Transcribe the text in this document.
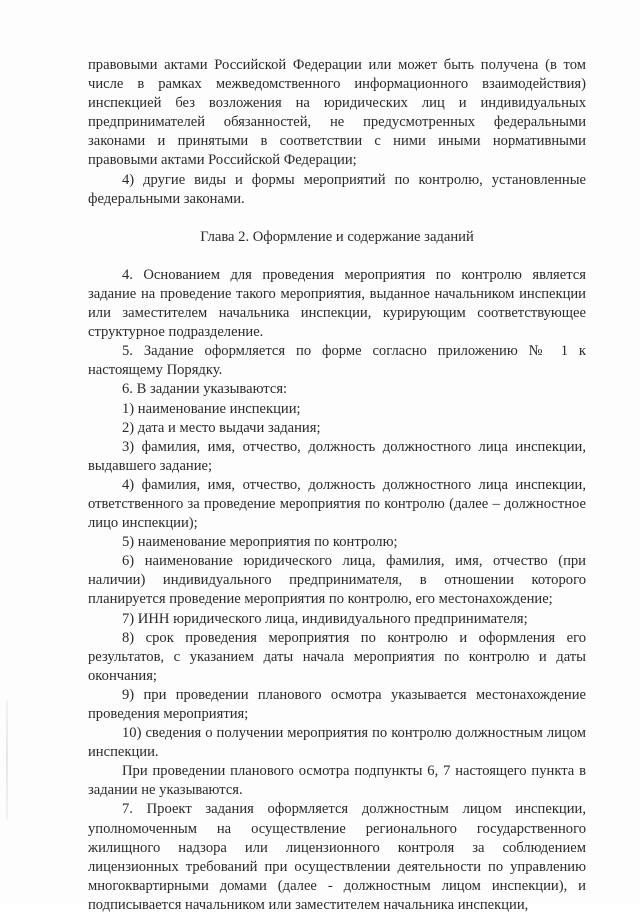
правовыми актами Российской Федерации или может быть получена (в том числе в рамках межведомственного информационного взаимодействия) инспекцией без возложения на юридических лиц и индивидуальных предпринимателей обязанностей, не предусмотренных федеральными законами и принятыми в соответствии с ними иными нормативными правовыми актами Российской Федерации;

4) другие виды и формы мероприятий по контролю, установленные федеральными законами.

Глава 2. Оформление и содержание заданий

4. Основанием для проведения мероприятия по контролю является задание на проведение такого мероприятия, выданное начальником инспекции или заместителем начальника инспекции, курирующим соответствующее структурное подразделение.

5. Задание оформляется по форме согласно приложению № 1 к настоящему Порядку.

6. В задании указываются:

1) наименование инспекции;

2) дата и место выдачи задания;

3) фамилия, имя, отчество, должность должностного лица инспекции, выдавшего задание;

4) фамилия, имя, отчество, должность должностного лица инспекции, ответственного за проведение мероприятия по контролю (далее – должностное лицо инспекции);

5) наименование мероприятия по контролю;

6) наименование юридического лица, фамилия, имя, отчество (при наличии) индивидуального предпринимателя, в отношении которого планируется проведение мероприятия по контролю, его местонахождение;

7) ИНН юридического лица, индивидуального предпринимателя;

8) срок проведения мероприятия по контролю и оформления его результатов, с указанием даты начала мероприятия по контролю и даты окончания;

9) при проведении планового осмотра указывается местонахождение проведения мероприятия;

10) сведения о получении мероприятия по контролю должностным лицом инспекции.

При проведении планового осмотра подпункты 6, 7 настоящего пункта в задании не указываются.

7. Проект задания оформляется должностным лицом инспекции, уполномоченным на осуществление регионального государственного жилищного надзора или лицензионного контроля за соблюдением лицензионных требований при осуществлении деятельности по управлению многоквартирными домами (далее - должностным лицом инспекции), и подписывается начальником или заместителем начальника инспекции,
